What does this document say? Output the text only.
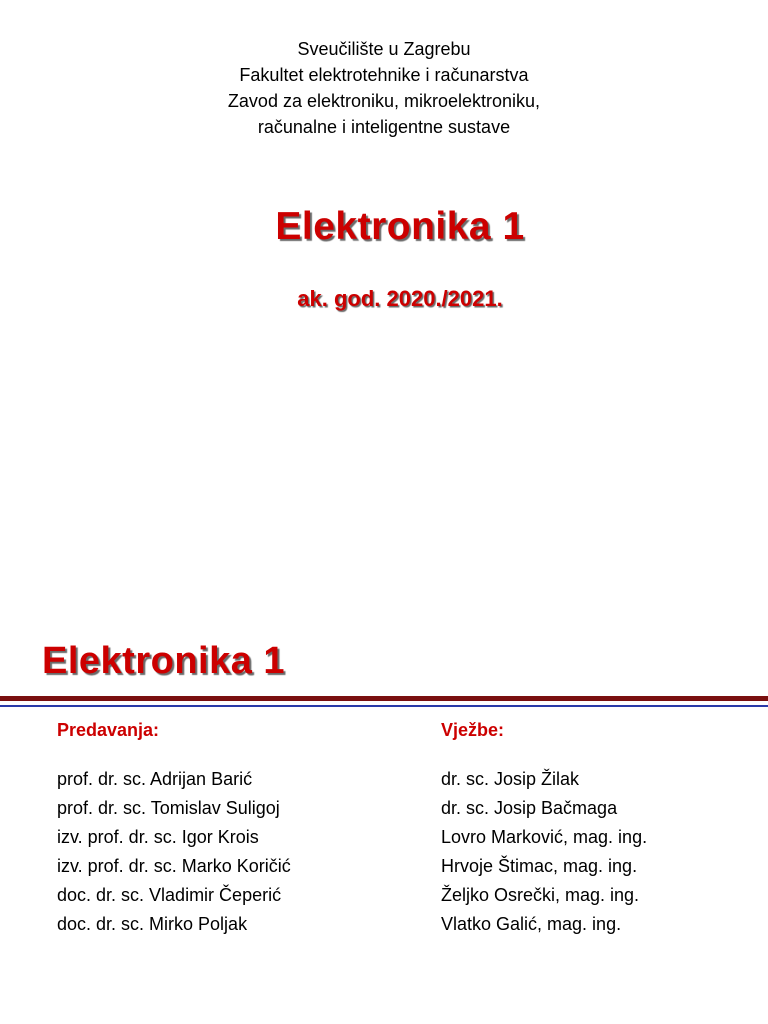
Sveučilište u Zagrebu
Fakultet elektrotehnike i računarstva
Zavod za elektroniku, mikroelektroniku,
računalne i inteligentne sustave
Elektronika 1
ak. god. 2020./2021.
Elektronika 1
Predavanja:
prof. dr. sc. Adrijan Barić
prof. dr. sc. Tomislav Suligoj
izv. prof. dr. sc. Igor Krois
izv. prof. dr. sc. Marko Koričić
doc. dr. sc. Vladimir Čeperić
doc. dr. sc. Mirko Poljak
Vježbe:
dr. sc. Josip Žilak
dr. sc. Josip Bačmaga
Lovro Marković, mag. ing.
Hrvoje Štimac, mag. ing.
Željko Osrečki, mag. ing.
Vlatko Galić, mag. ing.
